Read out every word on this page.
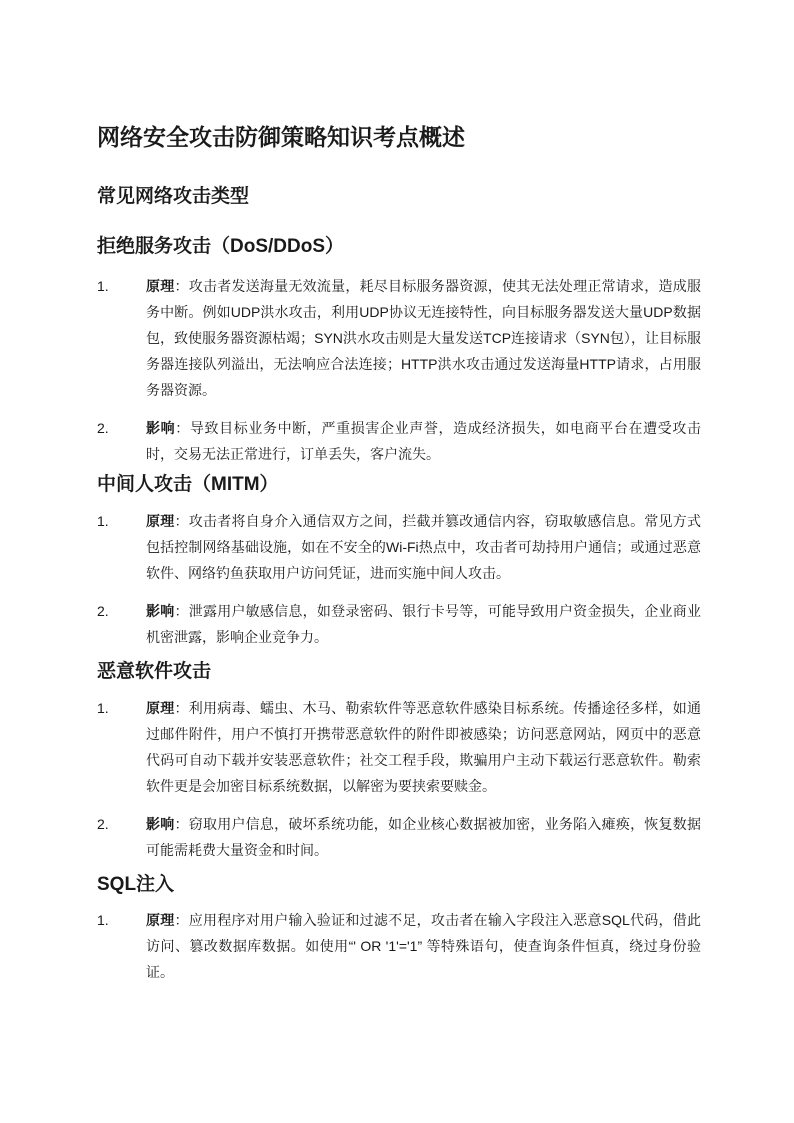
网络安全攻击防御策略知识考点概述
常见网络攻击类型
拒绝服务攻击（DoS/DDoS）
1.	原理：攻击者发送海量无效流量，耗尽目标服务器资源，使其无法处理正常请求，造成服务中断。例如UDP洪水攻击，利用UDP协议无连接特性，向目标服务器发送大量UDP数据包，致使服务器资源枯竭；SYN洪水攻击则是大量发送TCP连接请求（SYN包），让目标服务器连接队列溢出，无法响应合法连接；HTTP洪水攻击通过发送海量HTTP请求，占用服务器资源。
2.	影响：导致目标业务中断，严重损害企业声誉，造成经济损失，如电商平台在遭受攻击时，交易无法正常进行，订单丢失，客户流失。
中间人攻击（MITM）
1.	原理：攻击者将自身介入通信双方之间，拦截并篡改通信内容，窃取敏感信息。常见方式包括控制网络基础设施，如在不安全的Wi-Fi热点中，攻击者可劫持用户通信；或通过恶意软件、网络钓鱼获取用户访问凭证，进而实施中间人攻击。
2.	影响：泄露用户敏感信息，如登录密码、银行卡号等，可能导致用户资金损失，企业商业机密泄露，影响企业竞争力。
恶意软件攻击
1.	原理：利用病毒、蠕虫、木马、勒索软件等恶意软件感染目标系统。传播途径多样，如通过邮件附件，用户不慎打开携带恶意软件的附件即被感染；访问恶意网站，网页中的恶意代码可自动下载并安装恶意软件；社交工程手段，欺骗用户主动下载运行恶意软件。勒索软件更是会加密目标系统数据，以解密为要挟索要赎金。
2.	影响：窃取用户信息，破坏系统功能，如企业核心数据被加密，业务陷入瘫痪，恢复数据可能需耗费大量资金和时间。
SQL注入
1.	原理：应用程序对用户输入验证和过滤不足，攻击者在输入字段注入恶意SQL代码，借此访问、篡改数据库数据。如使用“' OR '1'='1” 等特殊语句，使查询条件恒真，绕过身份验证。
